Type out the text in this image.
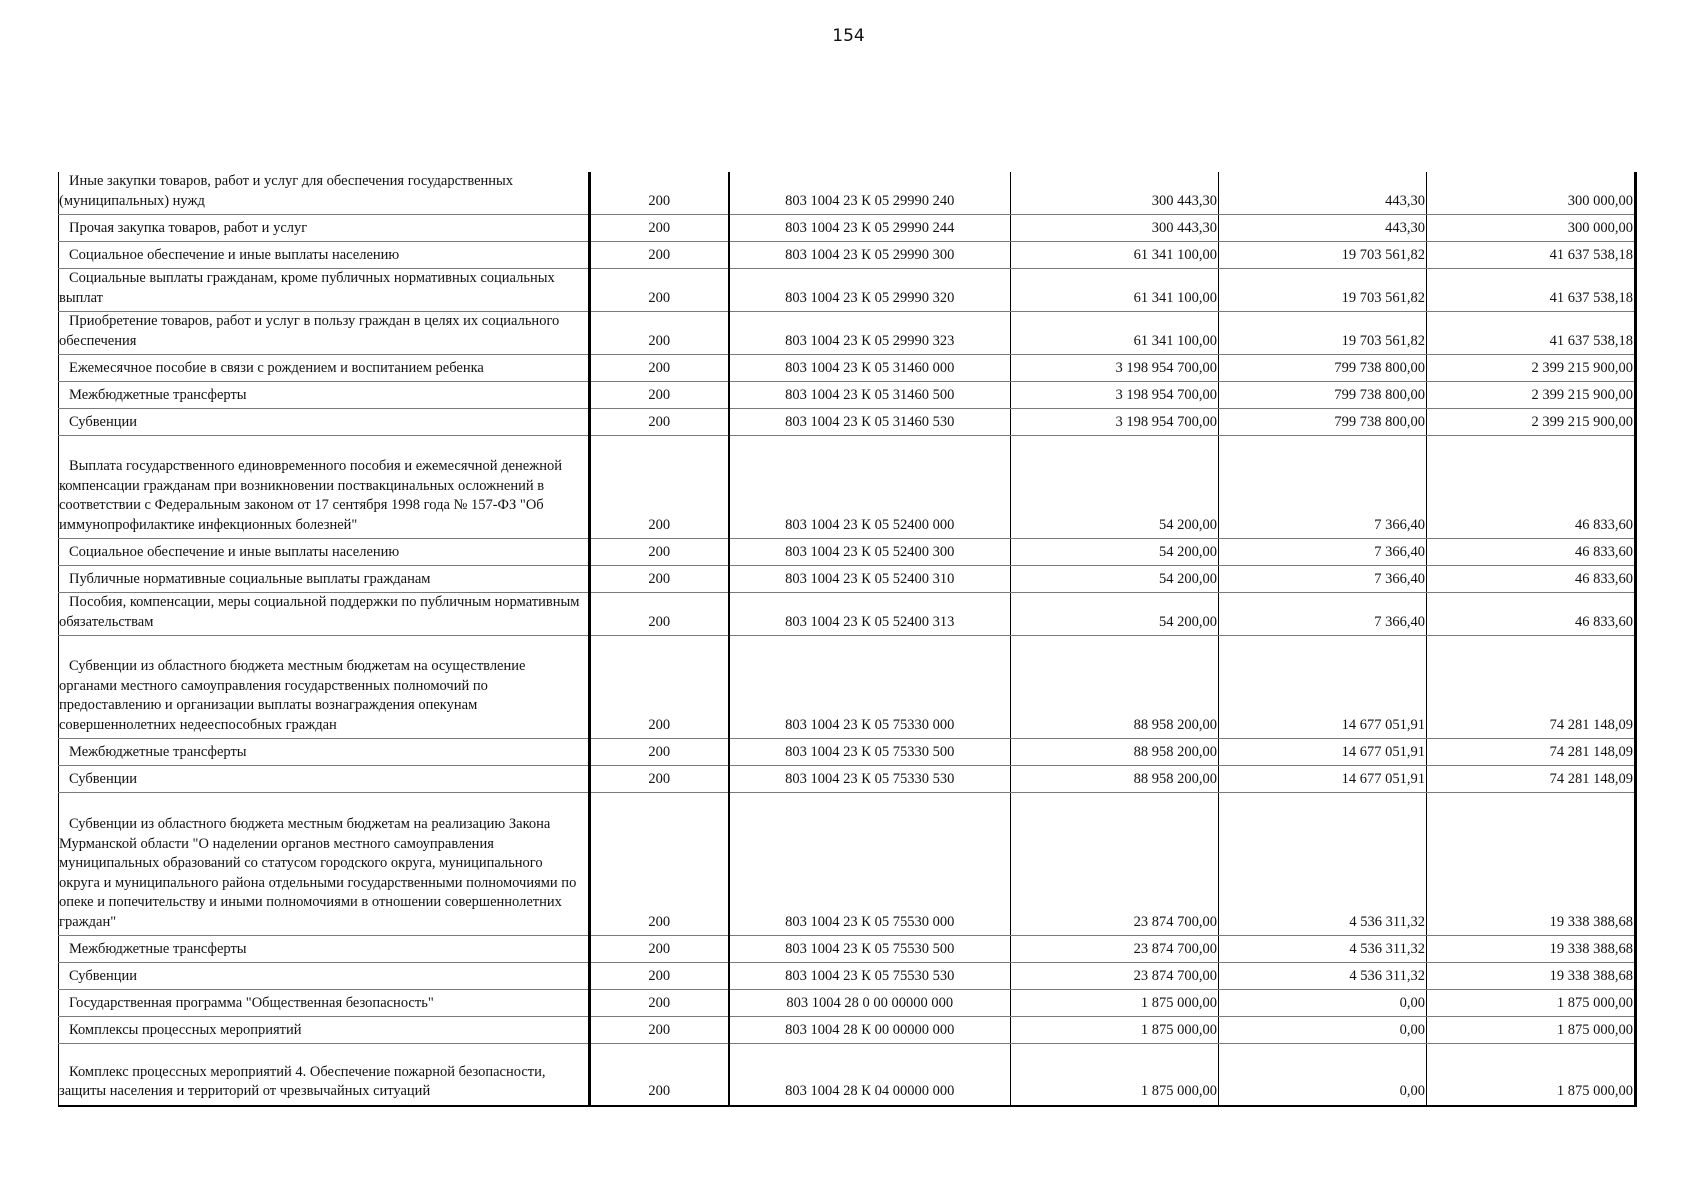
154
Иные закупки товаров, работ и услуг для обеспечения государственных (муниципальных) нужд	200	803 1004 23 К 05 29990 240	300 443,30	443,30	300 000,00
Прочая закупка товаров, работ и услуг	200	803 1004 23 К 05 29990 244	300 443,30	443,30	300 000,00
Социальное обеспечение и иные выплаты населению	200	803 1004 23 К 05 29990 300	61 341 100,00	19 703 561,82	41 637 538,18
Социальные выплаты гражданам, кроме публичных нормативных социальных выплат	200	803 1004 23 К 05 29990 320	61 341 100,00	19 703 561,82	41 637 538,18
Приобретение товаров, работ и услуг в пользу граждан в целях их социального обеспечения	200	803 1004 23 К 05 29990 323	61 341 100,00	19 703 561,82	41 637 538,18
Ежемесячное пособие в связи с рождением и воспитанием ребенка	200	803 1004 23 К 05 31460 000	3 198 954 700,00	799 738 800,00	2 399 215 900,00
Межбюджетные трансферты	200	803 1004 23 К 05 31460 500	3 198 954 700,00	799 738 800,00	2 399 215 900,00
Субвенции	200	803 1004 23 К 05 31460 530	3 198 954 700,00	799 738 800,00	2 399 215 900,00
Выплата государственного единовременного пособия и ежемесячной денежной компенсации гражданам при возникновении поствакцинальных осложнений в соответствии с Федеральным законом от 17 сентября 1998 года № 157-ФЗ "Об иммунопрофилактике инфекционных болезней"	200	803 1004 23 К 05 52400 000	54 200,00	7 366,40	46 833,60
Социальное обеспечение и иные выплаты населению	200	803 1004 23 К 05 52400 300	54 200,00	7 366,40	46 833,60
Публичные нормативные социальные выплаты гражданам	200	803 1004 23 К 05 52400 310	54 200,00	7 366,40	46 833,60
Пособия, компенсации, меры социальной поддержки по публичным нормативным обязательствам	200	803 1004 23 К 05 52400 313	54 200,00	7 366,40	46 833,60
Субвенции из областного бюджета местным бюджетам на осуществление органами местного самоуправления государственных полномочий по предоставлению и организации выплаты вознаграждения опекунам совершеннолетних недееспособных граждан	200	803 1004 23 К 05 75330 000	88 958 200,00	14 677 051,91	74 281 148,09
Межбюджетные трансферты	200	803 1004 23 К 05 75330 500	88 958 200,00	14 677 051,91	74 281 148,09
Субвенции	200	803 1004 23 К 05 75330 530	88 958 200,00	14 677 051,91	74 281 148,09
Субвенции из областного бюджета местным бюджетам на реализацию Закона Мурманской области "О наделении органов местного самоуправления муниципальных образований со статусом городского округа, муниципального округа и муниципального района отдельными государственными полномочиями по опеке и попечительству и иными полномочиями в отношении совершеннолетних граждан"	200	803 1004 23 К 05 75530 000	23 874 700,00	4 536 311,32	19 338 388,68
Межбюджетные трансферты	200	803 1004 23 К 05 75530 500	23 874 700,00	4 536 311,32	19 338 388,68
Субвенции	200	803 1004 23 К 05 75530 530	23 874 700,00	4 536 311,32	19 338 388,68
Государственная программа "Общественная безопасность"	200	803 1004 28 0 00 00000 000	1 875 000,00	0,00	1 875 000,00
Комплексы процессных мероприятий	200	803 1004 28 К 00 00000 000	1 875 000,00	0,00	1 875 000,00
Комплекс процессных мероприятий 4. Обеспечение пожарной безопасности, защиты населения и территорий от чрезвычайных ситуаций	200	803 1004 28 К 04 00000 000	1 875 000,00	0,00	1 875 000,00
